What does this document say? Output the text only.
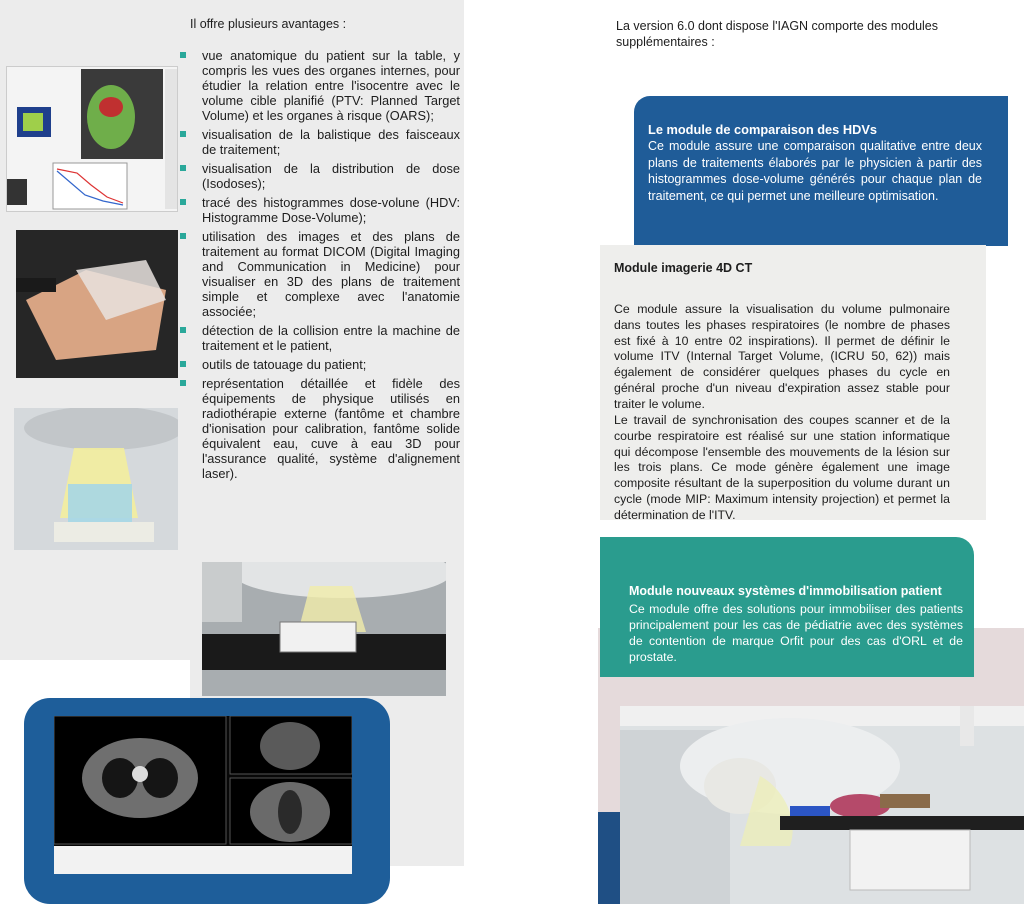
Il offre plusieurs avantages :
vue anatomique du patient sur la table, y compris les vues des organes internes, pour étudier la relation entre l'isocentre avec le volume cible planifié (PTV: Planned Target Volume) et les organes à risque (OARS);
visualisation de la balistique des faisceaux de traitement;
visualisation de la distribution de dose (Isodoses);
tracé des histogrammes dose-volune (HDV: Histogramme Dose-Volume);
utilisation des images et des plans de traitement au format DICOM (Digital Imaging and Communication in Medicine) pour visualiser en 3D des plans de traitement simple et complexe avec l'anatomie associée;
détection de la collision entre la machine de traitement et le patient,
outils de tatouage du patient;
représentation détaillée et fidèle des équipements de physique utilisés en radiothérapie externe (fantôme et chambre d'ionisation pour calibration, fantôme solide équivalent eau, cuve à eau 3D pour l'assurance qualité, système d'alignement laser).
La version 6.0 dont dispose l'IAGN comporte des modules supplémentaires :
Le module de comparaison des HDVs
Ce module assure une comparaison qualitative entre deux plans de traitements élaborés par le physicien à partir des histogrammes dose-volume générés pour chaque plan de traitement, ce qui permet une meilleure optimisation.
Module imagerie 4D CT
Ce module assure la visualisation du volume pulmonaire dans toutes les phases respiratoires (le nombre de phases est fixé à 10 entre 02 inspirations). Il permet de définir le volume ITV (Internal Target Volume, (ICRU 50, 62)) mais également de considérer quelques phases du cycle en général proche d'un niveau d'expiration assez stable pour traiter le volume.
Le travail de synchronisation des coupes scanner et de la courbe respiratoire est réalisé sur une station informatique qui décompose l'ensemble des mouvements de la lésion sur les trois plans. Ce mode génère également une image composite résultant de la superposition du volume durant un cycle (mode MIP: Maximum intensity projection) et permet la détermination de l'ITV.
Module nouveaux systèmes d'immobilisation patient
Ce module offre des solutions pour immobiliser des patients principalement pour les cas de pédiatrie avec des systèmes de contention de marque Orfit pour des cas d'ORL et de prostate.
